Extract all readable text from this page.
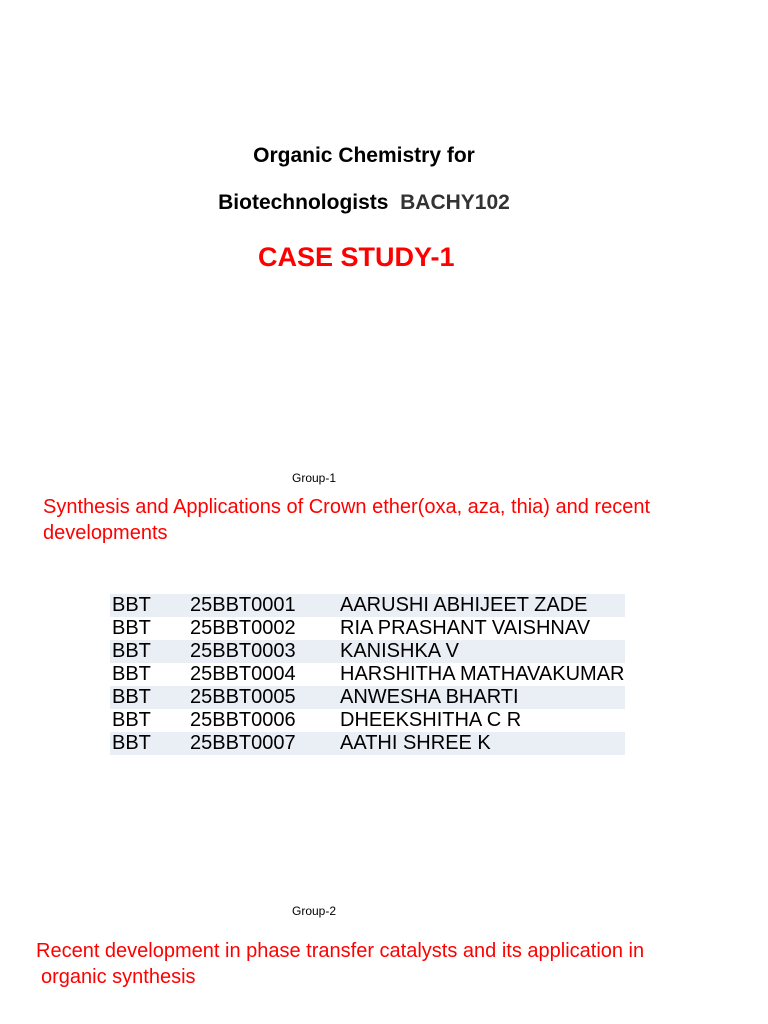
Organic Chemistry for
Biotechnologists BACHY102
CASE STUDY-1
Group-1
Synthesis and Applications of Crown ether(oxa, aza, thia) and recent
developments
BBT	25BBT0001	AARUSHI ABHIJEET ZADE
BBT	25BBT0002	RIA PRASHANT VAISHNAV
BBT	25BBT0003	KANISHKA V
BBT	25BBT0004	HARSHITHA MATHAVAKUMAR
BBT	25BBT0005	ANWESHA BHARTI
BBT	25BBT0006	DHEEKSHITHA C R
BBT	25BBT0007	AATHI SHREE K
Group-2
Recent development in phase transfer catalysts and its application in
organic synthesis
